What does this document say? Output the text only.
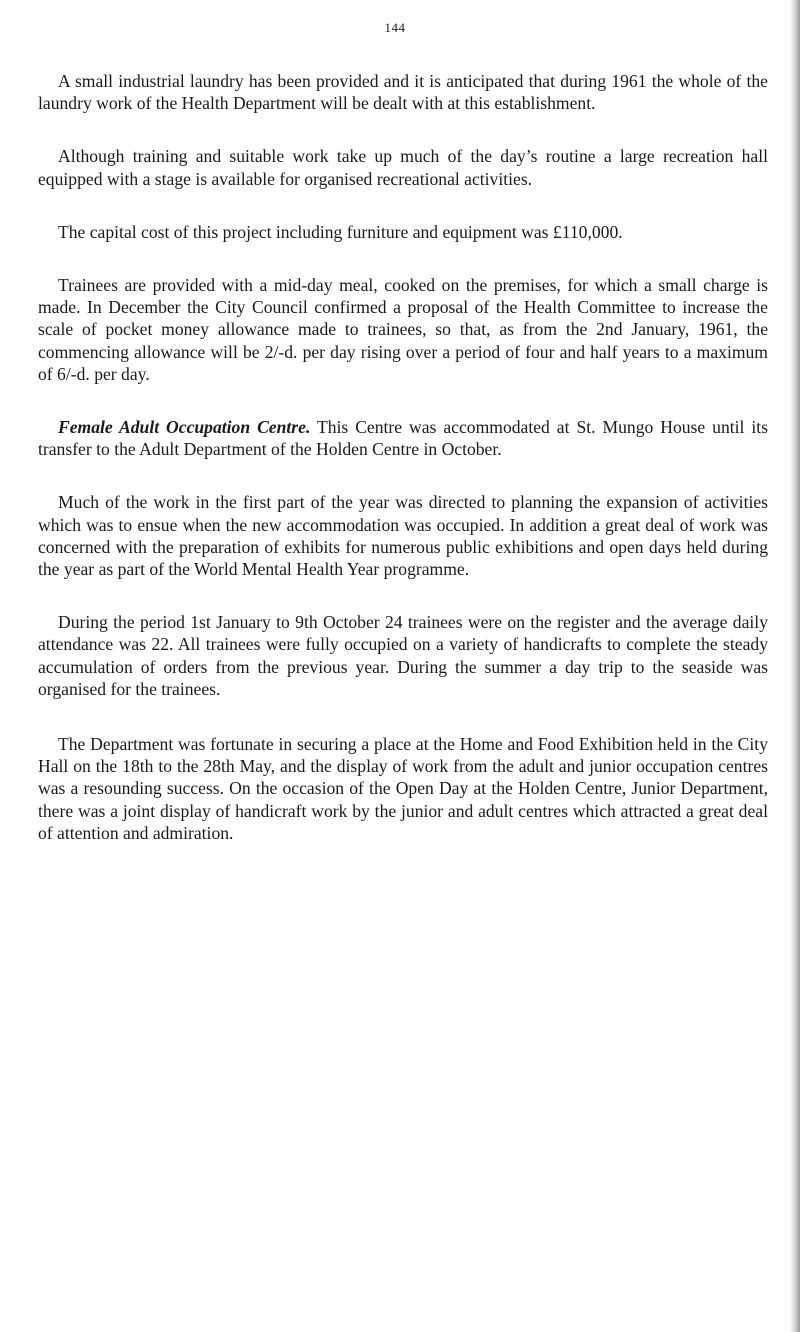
144

A small industrial laundry has been provided and it is anticipated that during 1961 the whole of the laundry work of the Health Department will be dealt with at this establishment.

Although training and suitable work take up much of the day’s routine a large recreation hall equipped with a stage is available for organised recreational activities.

The capital cost of this project including furniture and equipment was £110,000.

Trainees are provided with a mid-day meal, cooked on the premises, for which a small charge is made. In December the City Council confirmed a proposal of the Health Committee to increase the scale of pocket money allowance made to trainees, so that, as from the 2nd January, 1961, the commencing allowance will be 2/-d. per day rising over a period of four and half years to a maximum of 6/-d. per day.

Female Adult Occupation Centre. This Centre was accommodated at St. Mungo House until its transfer to the Adult Department of the Holden Centre in October.

Much of the work in the first part of the year was directed to planning the expansion of activities which was to ensue when the new accommodation was occupied. In addition a great deal of work was concerned with the preparation of exhibits for numerous public exhibitions and open days held during the year as part of the World Mental Health Year programme.

During the period 1st January to 9th October 24 trainees were on the register and the average daily attendance was 22. All trainees were fully occupied on a variety of handicrafts to complete the steady accumulation of orders from the previous year. During the summer a day trip to the seaside was organised for the trainees.

The Department was fortunate in securing a place at the Home and Food Exhibition held in the City Hall on the 18th to the 28th May, and the display of work from the adult and junior occupation centres was a resounding success. On the occasion of the Open Day at the Holden Centre, Junior Department, there was a joint display of handicraft work by the junior and adult centres which attracted a great deal of attention and admiration.
